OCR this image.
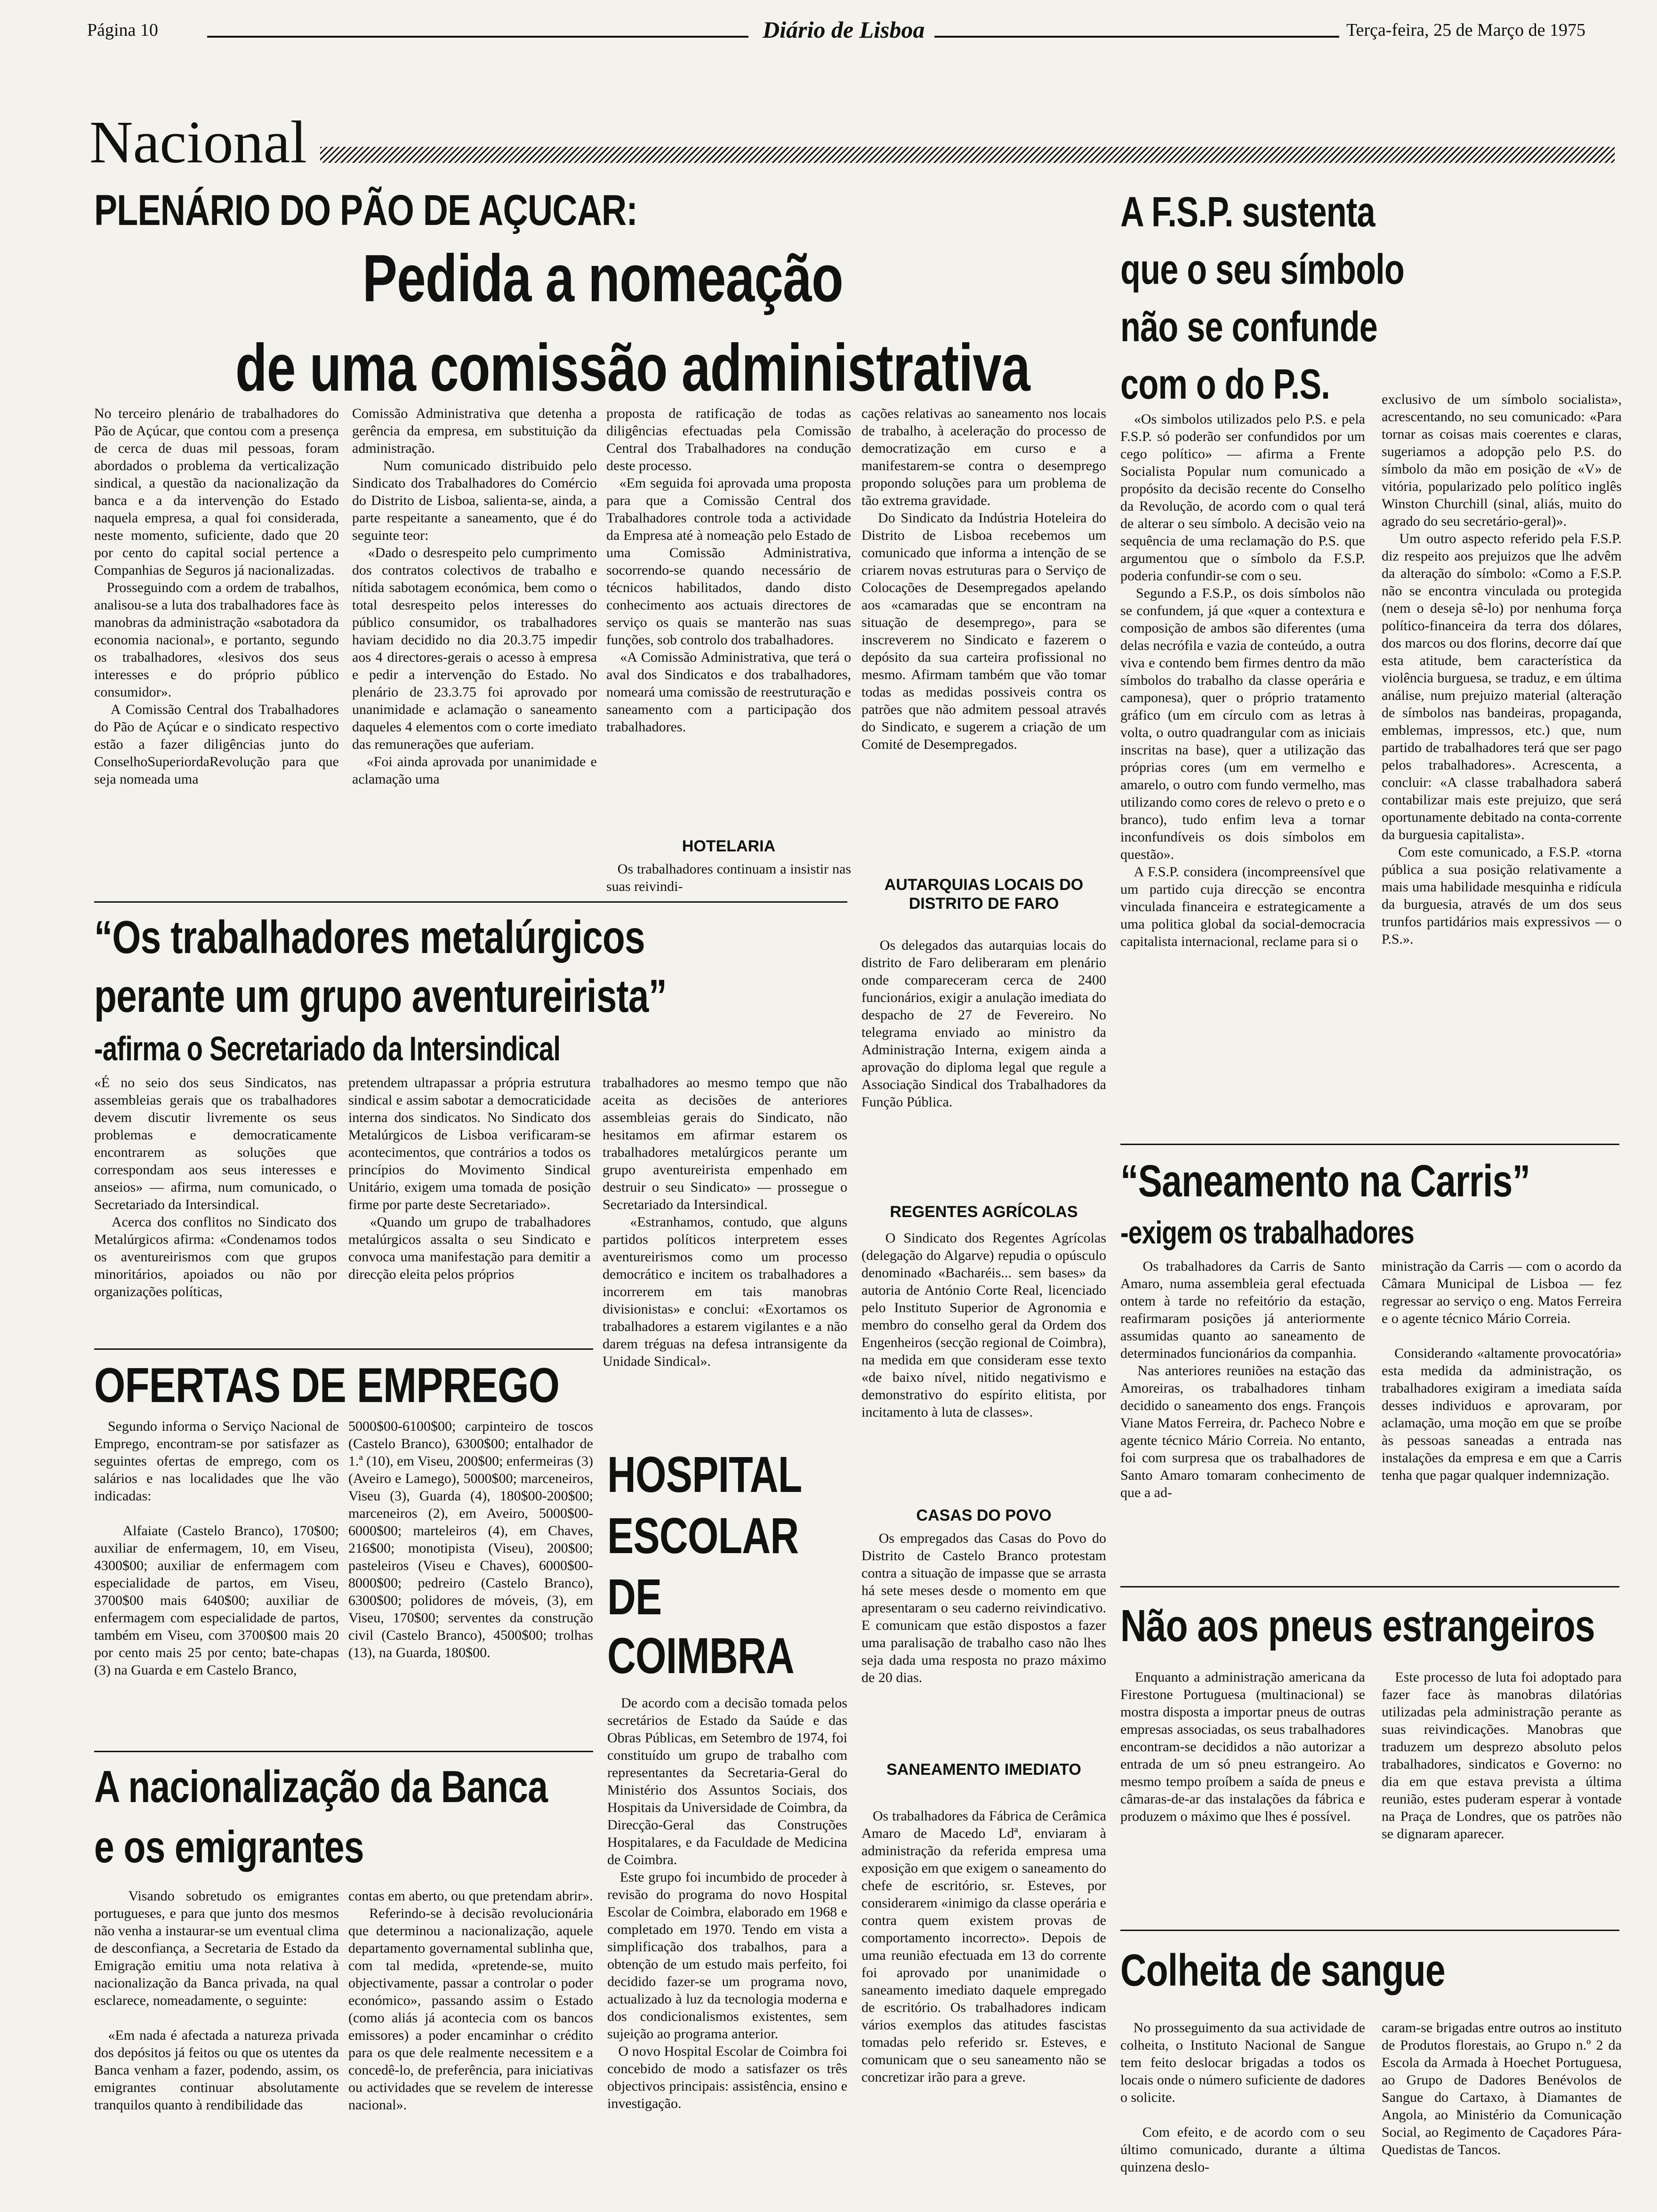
Página 10	Diário de Lisboa	Terça-feira, 25 de Março de 1975
Nacional
PLENÁRIO DO PÃO DE AÇUCAR:
Pedida a nomeação
de uma comissão administrativa
No terceiro plenário de trabalhadores do Pão de Açúcar, que contou com a presença de cerca de duas mil pessoas, foram abordados o problema da verticalização sindical, a questão da nacionalização da banca e a da intervenção do Estado naquela empresa, a qual foi considerada, neste momento, suficiente, dado que 20 por cento do capital social pertence a Companhias de Seguros já nacionalizadas.
Prosseguindo com a ordem de trabalhos, analisou-se a luta dos trabalhadores face às manobras da administração «sabotadora da economia nacional», e portanto, segundo os trabalhadores, «lesivos dos seus interesses e do próprio público consumidor».
A Comissão Central dos Trabalhadores do Pão de Açúcar e o sindicato respectivo estão a fazer diligências junto do ConselhoSuperiordaRevolução para que seja nomeada uma
Comissão Administrativa que detenha a gerência da empresa, em substituição da administração.
Num comunicado distribuido pelo Sindicato dos Trabalhadores do Comércio do Distrito de Lisboa, salienta-se, ainda, a parte respeitante a saneamento, que é do seguinte teor:
«Dado o desrespeito pelo cumprimento dos contratos colectivos de trabalho e nítida sabotagem económica, bem como o total desrespeito pelos interesses do público consumidor, os trabalhadores haviam decidido no dia 20.3.75 impedir aos 4 directores-gerais o acesso à empresa e pedir a intervenção do Estado. No plenário de 23.3.75 foi aprovado por unanimidade e aclamação o saneamento daqueles 4 elementos com o corte imediato das remunerações que auferiam.
«Foi ainda aprovada por unanimidade e aclamação uma
proposta de ratificação de todas as diligências efectuadas pela Comissão Central dos Trabalhadores na condução deste processo.
«Em seguida foi aprovada uma proposta para que a Comissão Central dos Trabalhadores controle toda a actividade da Empresa até à nomeação pelo Estado de uma Comissão Administrativa, socorrendo-se quando necessário de técnicos habilitados, dando disto conhecimento aos actuais directores de serviço os quais se manterão nas suas funções, sob controlo dos trabalhadores.
«A Comissão Administrativa, que terá o aval dos Sindicatos e dos trabalhadores, nomeará uma comissão de reestruturação e saneamento com a participação dos trabalhadores.
HOTELARIA
Os trabalhadores continuam a insistir nas suas reivindi-
cações relativas ao saneamento nos locais de trabalho, à aceleração do processo de democratização em curso e a manifestarem-se contra o desemprego propondo soluções para um problema de tão extrema gravidade.
Do Sindicato da Indústria Hoteleira do Distrito de Lisboa recebemos um comunicado que informa a intenção de se criarem novas estruturas para o Serviço de Colocações de Desempregados apelando aos «camaradas que se encontram na situação de desemprego», para se inscreverem no Sindicato e fazerem o depósito da sua carteira profissional no mesmo. Afirmam também que vão tomar todas as medidas possiveis contra os patrões que não admitem pessoal através do Sindicato, e sugerem a criação de um Comité de Desempregados.
A F.S.P. sustenta
que o seu símbolo
não se confunde
com o do P.S.
«Os simbolos utilizados pelo P.S. e pela F.S.P. só poderão ser confundidos por um cego político» — afirma a Frente Socialista Popular num comunicado a propósito da decisão recente do Conselho da Revolução, de acordo com o qual terá de alterar o seu símbolo. A decisão veio na sequência de uma reclamação do P.S. que argumentou que o símbolo da F.S.P. poderia confundir-se com o seu.
Segundo a F.S.P., os dois símbolos não se confundem, já que «quer a contextura e composição de ambos são diferentes (uma delas necrófila e vazia de conteúdo, a outra viva e contendo bem firmes dentro da mão símbolos do trabalho da classe operária e camponesa), quer o próprio tratamento gráfico (um em círculo com as letras à volta, o outro quadrangular com as iniciais inscritas na base), quer a utilização das próprias cores (um em vermelho e amarelo, o outro com fundo vermelho, mas utilizando como cores de relevo o preto e o branco), tudo enfim leva a tornar inconfundíveis os dois símbolos em questão».
A F.S.P. considera (incompreensível que um partido cuja direcção se encontra vinculada financeira e estrategicamente a uma politica global da social-democracia capitalista internacional, reclame para si o
exclusivo de um símbolo socialista», acrescentando, no seu comunicado: «Para tornar as coisas mais coerentes e claras, sugeriamos a adopção pelo P.S. do símbolo da mão em posição de «V» de vitória, popularizado pelo político inglês Winston Churchill (sinal, aliás, muito do agrado do seu secretário-geral)».
Um outro aspecto referido pela F.S.P. diz respeito aos prejuizos que lhe advêm da alteração do símbolo: «Como a F.S.P. não se encontra vinculada ou protegida (nem o deseja sê-lo) por nenhuma força político-financeira da terra dos dólares, dos marcos ou dos florins, decorre daí que esta atitude, bem característica da violência burguesa, se traduz, e em última análise, num prejuizo material (alteração de símbolos nas bandeiras, propaganda, emblemas, impressos, etc.) que, num partido de trabalhadores terá que ser pago pelos trabalhadores». Acrescenta, a concluir: «A classe trabalhadora saberá contabilizar mais este prejuizo, que será oportunamente debitado na conta-corrente da burguesia capitalista».
Com este comunicado, a F.S.P. «torna pública a sua posição relativamente a mais uma habilidade mesquinha e ridícula da burguesia, através de um dos seus trunfos partidários mais expressivos — o P.S.».
“Os trabalhadores metalúrgicos
perante um grupo aventureirista”
-afirma o Secretariado da Intersindical
«É no seio dos seus Sindicatos, nas assembleias gerais que os trabalhadores devem discutir livremente os seus problemas e democraticamente encontrarem as soluções que correspondam aos seus interesses e anseios» — afirma, num comunicado, o Secretariado da Intersindical.
Acerca dos conflitos no Sindicato dos Metalúrgicos afirma: «Condenamos todos os aventureirismos com que grupos minoritários, apoiados ou não por organizações políticas,
pretendem ultrapassar a própria estrutura sindical e assim sabotar a democraticidade interna dos sindicatos. No Sindicato dos Metalúrgicos de Lisboa verificaram-se acontecimentos, que contrários a todos os princípios do Movimento Sindical Unitário, exigem uma tomada de posição firme por parte deste Secretariado».
«Quando um grupo de trabalhadores metalúrgicos assalta o seu Sindicato e convoca uma manifestação para demitir a direcção eleita pelos próprios
trabalhadores ao mesmo tempo que não aceita as decisões de anteriores assembleias gerais do Sindicato, não hesitamos em afirmar estarem os trabalhadores metalúrgicos perante um grupo aventureirista empenhado em destruir o seu Sindicato» — prossegue o Secretariado da Intersindical.
«Estranhamos, contudo, que alguns partidos políticos interpretem esses aventureirismos como um processo democrático e incitem os trabalhadores a incorrerem em tais manobras divisionistas» e conclui: «Exortamos os trabalhadores a estarem vigilantes e a não darem tréguas na defesa intransigente da Unidade Sindical».
AUTARQUIAS LOCAIS DO DISTRITO DE FARO
Os delegados das autarquias locais do distrito de Faro deliberaram em plenário onde compareceram cerca de 2400 funcionários, exigir a anulação imediata do despacho de 27 de Fevereiro. No telegrama enviado ao ministro da Administração Interna, exigem ainda a aprovação do diploma legal que regule a Associação Sindical dos Trabalhadores da Função Pública.
REGENTES AGRÍCOLAS
O Sindicato dos Regentes Agrícolas (delegação do Algarve) repudia o opúsculo denominado «Bacharéis... sem bases» da autoria de António Corte Real, licenciado pelo Instituto Superior de Agronomia e membro do conselho geral da Ordem dos Engenheiros (secção regional de Coimbra), na medida em que consideram esse texto «de baixo nível, nitido negativismo e demonstrativo do espírito elitista, por incitamento à luta de classes».
CASAS DO POVO
Os empregados das Casas do Povo do Distrito de Castelo Branco protestam contra a situação de impasse que se arrasta há sete meses desde o momento em que apresentaram o seu caderno reivindicativo. E comunicam que estão dispostos a fazer uma paralisação de trabalho caso não lhes seja dada uma resposta no prazo máximo de 20 dias.
SANEAMENTO IMEDIATO
Os trabalhadores da Fábrica de Cerâmica Amaro de Macedo Ldª, enviaram à administração da referida empresa uma exposição em que exigem o saneamento do chefe de escritório, sr. Esteves, por considerarem «inimigo da classe operária e contra quem existem provas de comportamento incorrecto». Depois de uma reunião efectuada em 13 do corrente foi aprovado por unanimidade o saneamento imediato daquele empregado de escritório. Os trabalhadores indicam vários exemplos das atitudes fascistas tomadas pelo referido sr. Esteves, e comunicam que o seu saneamento não se concretizar irão para a greve.
“Saneamento na Carris”
-exigem os trabalhadores
Os trabalhadores da Carris de Santo Amaro, numa assembleia geral efectuada ontem à tarde no refeitório da estação, reafirmaram posições já anteriormente assumidas quanto ao saneamento de determinados funcionários da companhia.
Nas anteriores reuniões na estação das Amoreiras, os trabalhadores tinham decidido o saneamento dos engs. François Viane Matos Ferreira, dr. Pacheco Nobre e agente técnico Mário Correia. No entanto, foi com surpresa que os trabalhadores de Santo Amaro tomaram conhecimento de que a ad-
ministração da Carris — com o acordo da Câmara Municipal de Lisboa — fez regressar ao serviço o eng. Matos Ferreira e o agente técnico Mário Correia.

Considerando «altamente provocatória» esta medida da administração, os trabalhadores exigiram a imediata saída desses individuos e aprovaram, por aclamação, uma moção em que se proíbe às pessoas saneadas a entrada nas instalações da empresa e em que a Carris tenha que pagar qualquer indemnização.
OFERTAS DE EMPREGO
Segundo informa o Serviço Nacional de Emprego, encontram-se por satisfazer as seguintes ofertas de emprego, com os salários e nas localidades que lhe vão indicadas:

Alfaiate (Castelo Branco), 170$00; auxiliar de enfermagem, 10, em Viseu, 4300$00; auxiliar de enfermagem com especialidade de partos, em Viseu, 3700$00 mais 640$00; auxiliar de enfermagem com especialidade de partos, também em Viseu, com 3700$00 mais 20 por cento mais 25 por cento; bate-chapas (3) na Guarda e em Castelo Branco,
5000$00-6100$00; carpinteiro de toscos (Castelo Branco), 6300$00; entalhador de 1.ª (10), em Viseu, 200$00; enfermeiras (3) (Aveiro e Lamego), 5000$00; marceneiros, Viseu (3), Guarda (4), 180$00-200$00; marceneiros (2), em Aveiro, 5000$00-6000$00; marteleiros (4), em Chaves, 216$00; monotipista (Viseu), 200$00; pasteleiros (Viseu e Chaves), 6000$00-8000$00; pedreiro (Castelo Branco), 6300$00; polidores de móveis, (3), em Viseu, 170$00; serventes da construção civil (Castelo Branco), 4500$00; trolhas (13), na Guarda, 180$00.
HOSPITAL
ESCOLAR
DE
COIMBRA
De acordo com a decisão tomada pelos secretários de Estado da Saúde e das Obras Públicas, em Setembro de 1974, foi constituído um grupo de trabalho com representantes da Secretaria-Geral do Ministério dos Assuntos Sociais, dos Hospitais da Universidade de Coimbra, da Direcção-Geral das Construções Hospitalares, e da Faculdade de Medicina de Coimbra.
Este grupo foi incumbido de proceder à revisão do programa do novo Hospital Escolar de Coimbra, elaborado em 1968 e completado em 1970. Tendo em vista a simplificação dos trabalhos, para a obtenção de um estudo mais perfeito, foi decidido fazer-se um programa novo, actualizado à luz da tecnologia moderna e dos condicionalismos existentes, sem sujeição ao programa anterior.
O novo Hospital Escolar de Coimbra foi concebido de modo a satisfazer os três objectivos principais: assistência, ensino e investigação.
A nacionalização da Banca
e os emigrantes
Visando sobretudo os emigrantes portugueses, e para que junto dos mesmos não venha a instaurar-se um eventual clima de desconfiança, a Secretaria de Estado da Emigração emitiu uma nota relativa à nacionalização da Banca privada, na qual esclarece, nomeadamente, o seguinte:

«Em nada é afectada a natureza privada dos depósitos já feitos ou que os utentes da Banca venham a fazer, podendo, assim, os emigrantes continuar absolutamente tranquilos quanto à rendibilidade das
contas em aberto, ou que pretendam abrir».
Referindo-se à decisão revolucionária que determinou a nacionalização, aquele departamento governamental sublinha que, com tal medida, «pretende-se, muito objectivamente, passar a controlar o poder económico», passando assim o Estado (como aliás já acontecia com os bancos emissores) a poder encaminhar o crédito para os que dele realmente necessitem e a concedê-lo, de preferência, para iniciativas ou actividades que se revelem de interesse nacional».
Não aos pneus estrangeiros
Enquanto a administração americana da Firestone Portuguesa (multinacional) se mostra disposta a importar pneus de outras empresas associadas, os seus trabalhadores encontram-se decididos a não autorizar a entrada de um só pneu estrangeiro. Ao mesmo tempo proíbem a saída de pneus e câmaras-de-ar das instalações da fábrica e produzem o máximo que lhes é possível.
Este processo de luta foi adoptado para fazer face às manobras dilatórias utilizadas pela administração perante as suas reivindicações. Manobras que traduzem um desprezo absoluto pelos trabalhadores, sindicatos e Governo: no dia em que estava prevista a última reunião, estes puderam esperar à vontade na Praça de Londres, que os patrões não se dignaram aparecer.
Colheita de sangue
No prosseguimento da sua actividade de colheita, o Instituto Nacional de Sangue tem feito deslocar brigadas a todos os locais onde o número suficiente de dadores o solicite.

Com efeito, e de acordo com o seu último comunicado, durante a última quinzena deslo-
caram-se brigadas entre outros ao instituto de Produtos florestais, ao Grupo n.º 2 da Escola da Armada à Hoechet Portuguesa, ao Grupo de Dadores Benévolos de Sangue do Cartaxo, à Diamantes de Angola, ao Ministério da Comunicação Social, ao Regimento de Caçadores Pára-Quedistas de Tancos.
